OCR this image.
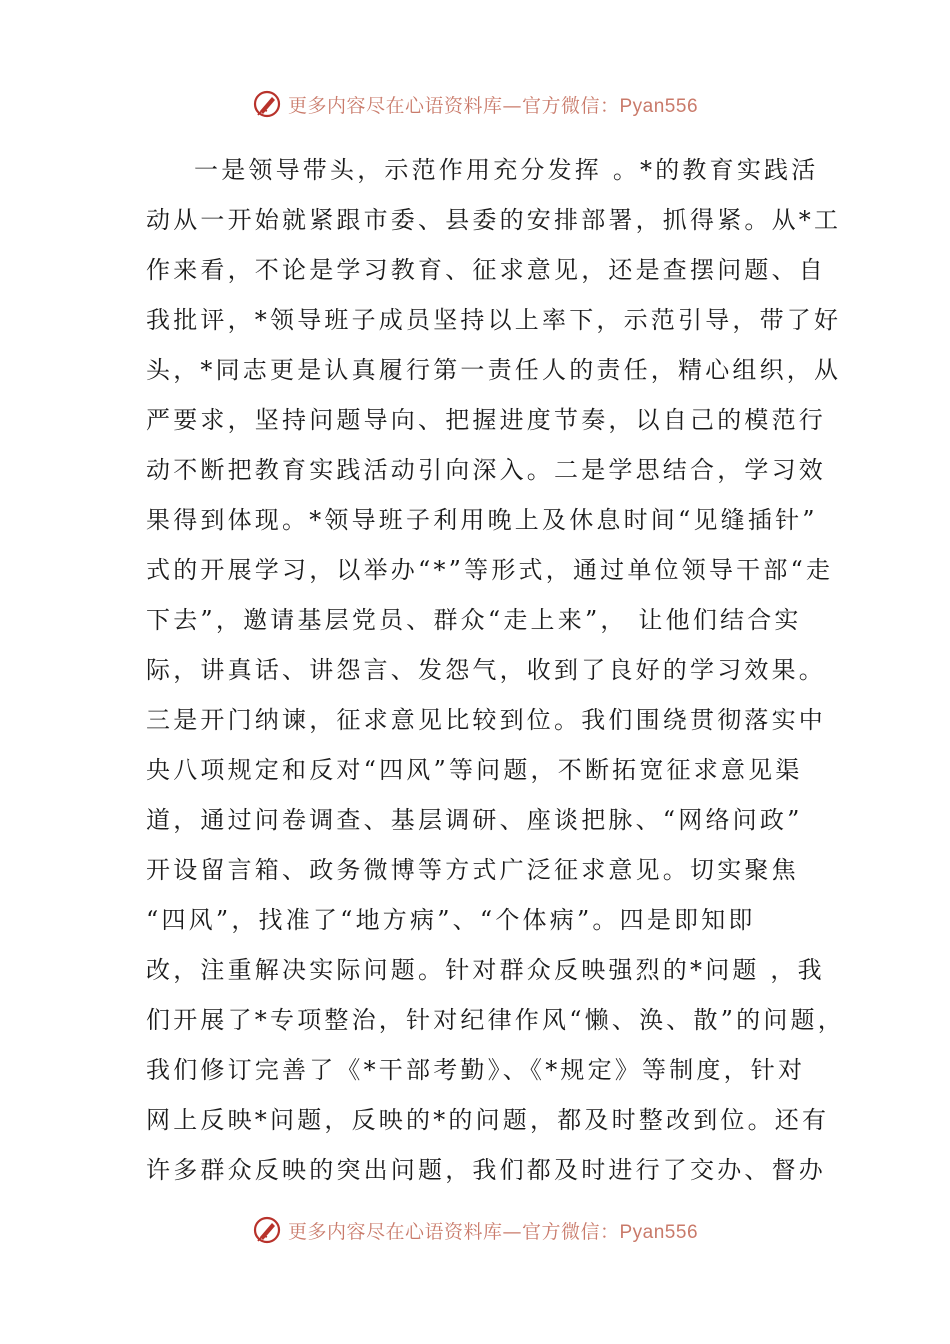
更多内容尽在心语资料库—官方微信：Pyan556
一是领导带头，示范作用充分发挥 。*的教育实践活
动从一开始就紧跟市委、县委的安排部署，抓得紧。从*工
作来看，不论是学习教育、征求意见，还是查摆问题、自
我批评，*领导班子成员坚持以上率下，示范引导，带了好
头，*同志更是认真履行第一责任人的责任，精心组织，从
严要求，坚持问题导向、把握进度节奏，以自己的模范行
动不断把教育实践活动引向深入。二是学思结合，学习效
果得到体现。*领导班子利用晚上及休息时间“见缝插针”
式的开展学习，以举办“*”等形式，通过单位领导干部“走
下去”，邀请基层党员、群众“走上来”， 让他们结合实
际，讲真话、讲怨言、发怨气，收到了良好的学习效果。
三是开门纳谏，征求意见比较到位。我们围绕贯彻落实中
央八项规定和反对“四风”等问题，不断拓宽征求意见渠
道，通过问卷调查、基层调研、座谈把脉、“网络问政”
开设留言箱、政务微博等方式广泛征求意见。切实聚焦
“四风”，找准了“地方病”、“个体病”。四是即知即
改，注重解决实际问题。针对群众反映强烈的*问题 ，我
们开展了*专项整治，针对纪律作风“懒、涣、散”的问题，
我们修订完善了《*干部考勤》、《*规定》等制度，针对
网上反映*问题，反映的*的问题，都及时整改到位。还有
许多群众反映的突出问题，我们都及时进行了交办、督办
更多内容尽在心语资料库—官方微信：Pyan556
